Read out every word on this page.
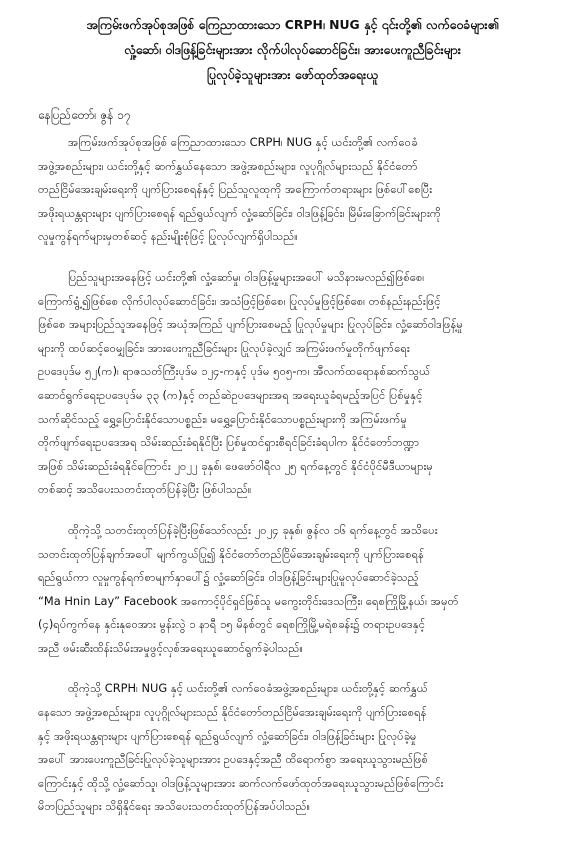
အကြမ်းဖက်အုပ်စုအဖြစ် ကြေညာထားသော CRPH၊ NUG နှင့် ၎င်းတို့၏ လက်ဝေခံများ၏
လှုံ့ဆော်၊ ဝါဒဖြန့်ခြင်းများအား လိုက်ပါလုပ်ဆောင်ခြင်း၊ အားပေးကူညီခြင်းများ
ပြုလုပ်ခဲ့သူများအား ဖော်ထုတ်အရေးယူ
နေပြည်တော်၊ ဇွန် ၁၇
အကြမ်းဖက်အုပ်စုအဖြစ် ကြေညာထားသော CRPH၊ NUG နှင့် ယင်းတို့၏ လက်ဝေခံ
အဖွဲ့အစည်းများ၊ ယင်းတို့နှင့် ဆက်နွှယ်နေသော အဖွဲ့အစည်းများ၊ လူပုဂ္ဂိုလ်များသည် နိုင်ငံတော်
တည်ငြိမ်အေးချမ်းရေးကို ပျက်ပြားစေရန်နှင့် ပြည်သူလူထုကို အကြောက်တရားများ ဖြစ်ပေါ်စေပြီး
အဖိုးရယန္တရားများ ပျက်ပြားစေရန် ရည်ရွယ်လျက် လှုံ့ဆော်ခြင်း၊ ဝါဒဖြန့်ခြင်း၊ မြိမ်းခြောက်ခြင်းများကို
လူမှုကွန်ရက်များမှတစ်ဆင့် နည်းမျိုးစုံဖြင့် ပြုလုပ်လျက်ရှိပါသည်။
ပြည်သူများအနေဖြင့် ယင်းတို့၏ လှုံ့ဆော်မှု၊ ဝါဒဖြန့်မှုများအပေါ် မသိနားမလည်၍ဖြစ်စေ၊
ကြောက်ရွံ့၍ဖြစ်စေ လိုက်ပါလုပ်ဆောင်ခြင်း၊ အသံဖြင့်ဖြစ်စေ၊ ပြုလုပ်မှုဖြင့်ဖြစ်စေ၊ တစ်နည်းနည်းဖြင့်
ဖြစ်စေ အများပြည်သူအနေဖြင့် အယုံအကြည် ပျက်ပြားစေမည့် ပြုလုပ်မှုများ ပြုလုပ်ခြင်း၊ လှုံ့ဆော်ဝါဒဖြန့်မှု
များကို ထပ်ဆင့်ဝေမျှခြင်း၊ အားပေးကူညီခြင်းများ ပြုလုပ်ခဲ့လျှင် အကြမ်းဖက်မှုတိုက်ဖျက်ရေး
ဥပဒေပုဒ်မ ၅၂(က)၊ ရာဇသတ်ကြီးပုဒ်မ ၁၂၄-ကနှင့် ပုဒ်မ ၅၀၅-က၊ အီလက်ထရောနစ်ဆက်သွယ်
ဆောင်ရွက်ရေးဥပဒေပုဒ်မ ၃၃ (က)နှင့် တည်ဆဲဥပဒေများအရ အရေးယူခံရမည့်အပြင် ပြစ်မှုနှင့်
သက်ဆိုင်သည့် ရွှေ့ပြောင်းနိုင်သောပစ္စည်း၊ မရွှေ့ပြောင်းနိုင်သောပစ္စည်းများကို အကြမ်းဖက်မှု
တိုက်ဖျက်ရေးဥပဒေအရ သိမ်းဆည်းခံရနိုင်ပြီး ပြစ်မှုထင်ရှားစီရင်ခြင်းခံရပါက နိုင်ငံတော်ဘဏ္ဍာ
အဖြစ် သိမ်းဆည်းခံရနိုင်ကြောင်း ၂၀၂၂ ခုနှစ်၊ ဖေဖော်ဝါရီလ ၂၅ ရက်နေ့တွင် နိုင်ငံပိုင်မီဒီယာများမှ
တစ်ဆင့် အသိပေးသတင်းထုတ်ပြန်ခဲ့ပြီး ဖြစ်ပါသည်။
ထိုကဲ့သို့ သတင်းထုတ်ပြန်ခဲ့ပြီးဖြစ်သော်လည်း ၂၀၂၄ ခုနှစ်၊ ဇွန်လ ၁၆ ရက်နေ့တွင် အသိပေး
သတင်းထုတ်ပြန်ချက်အပေါ် မျက်ကွယ်ပြု၍ နိုင်ငံတော်တည်ငြိမ်အေးချမ်းရေးကို ပျက်ပြားစေရန်
ရည်ရွယ်ကာ လူမှုကွန်ရက်စာမျက်နှာပေါ်၌ လှုံ့ဆော်ခြင်း၊ ဝါဒဖြန့်ခြင်းများပြုမူလုပ်ဆောင်ခဲ့သည့်
“Ma Hnin Lay” Facebook အကောင့်ပိုင်ရှင်ဖြစ်သူ မကွေးတိုင်းဒေသကြီး၊ ရေစကြိုမြို့နယ်၊ အမှတ်
(၄)ရပ်ကွက်နေ နှင်းနုဝေအား မွန်းလွဲ ၁ နာရီ ၁၅ မိနစ်တွင် ရေစကြိုမြို့မရဲစခန်း၌ တရားဥပဒေနှင့်
အညီ ဖမ်းဆီးထိန်းသိမ်းအမှုဖွင့်လှစ်အရေးယူဆောင်ရွက်ခဲ့ပါသည်။
ထိုကဲ့သို့ CRPH၊ NUG နှင့် ယင်းတို့၏ လက်ဝေခံအဖွဲ့အစည်းများ၊ ယင်းတို့နှင့် ဆက်နွှယ်
နေသော အဖွဲ့အစည်းများ၊ လူပုဂ္ဂိုလ်များသည် နိုင်ငံတော်တည်ငြိမ်အေးချမ်းရေးကို ပျက်ပြားစေရန်
နှင့် အဖိုးရယန္တရားများ ပျက်ပြားစေရန် ရည်ရွယ်လျက် လှုံ့ဆော်ခြင်း၊ ဝါဒဖြန့်ခြင်းများ ပြုလုပ်ခဲ့မှု
အပေါ် အားပေးကူညီခြင်းပြုလုပ်ခဲ့သူများအား ဥပဒေနှင့်အညီ ထိရောက်စွာ အရေးယူသွားမည်ဖြစ်
ကြောင်းနှင့် ထိုသို့ လှုံ့ဆော်သူ၊ ဝါဒဖြန့်သူများအား ဆက်လက်ဖော်ထုတ်အရေးယူသွားမည်ဖြစ်ကြောင်း
မိဘပြည်သူများ သိရှိနိုင်ရေး အသိပေးသတင်းထုတ်ပြန်အပ်ပါသည်။
